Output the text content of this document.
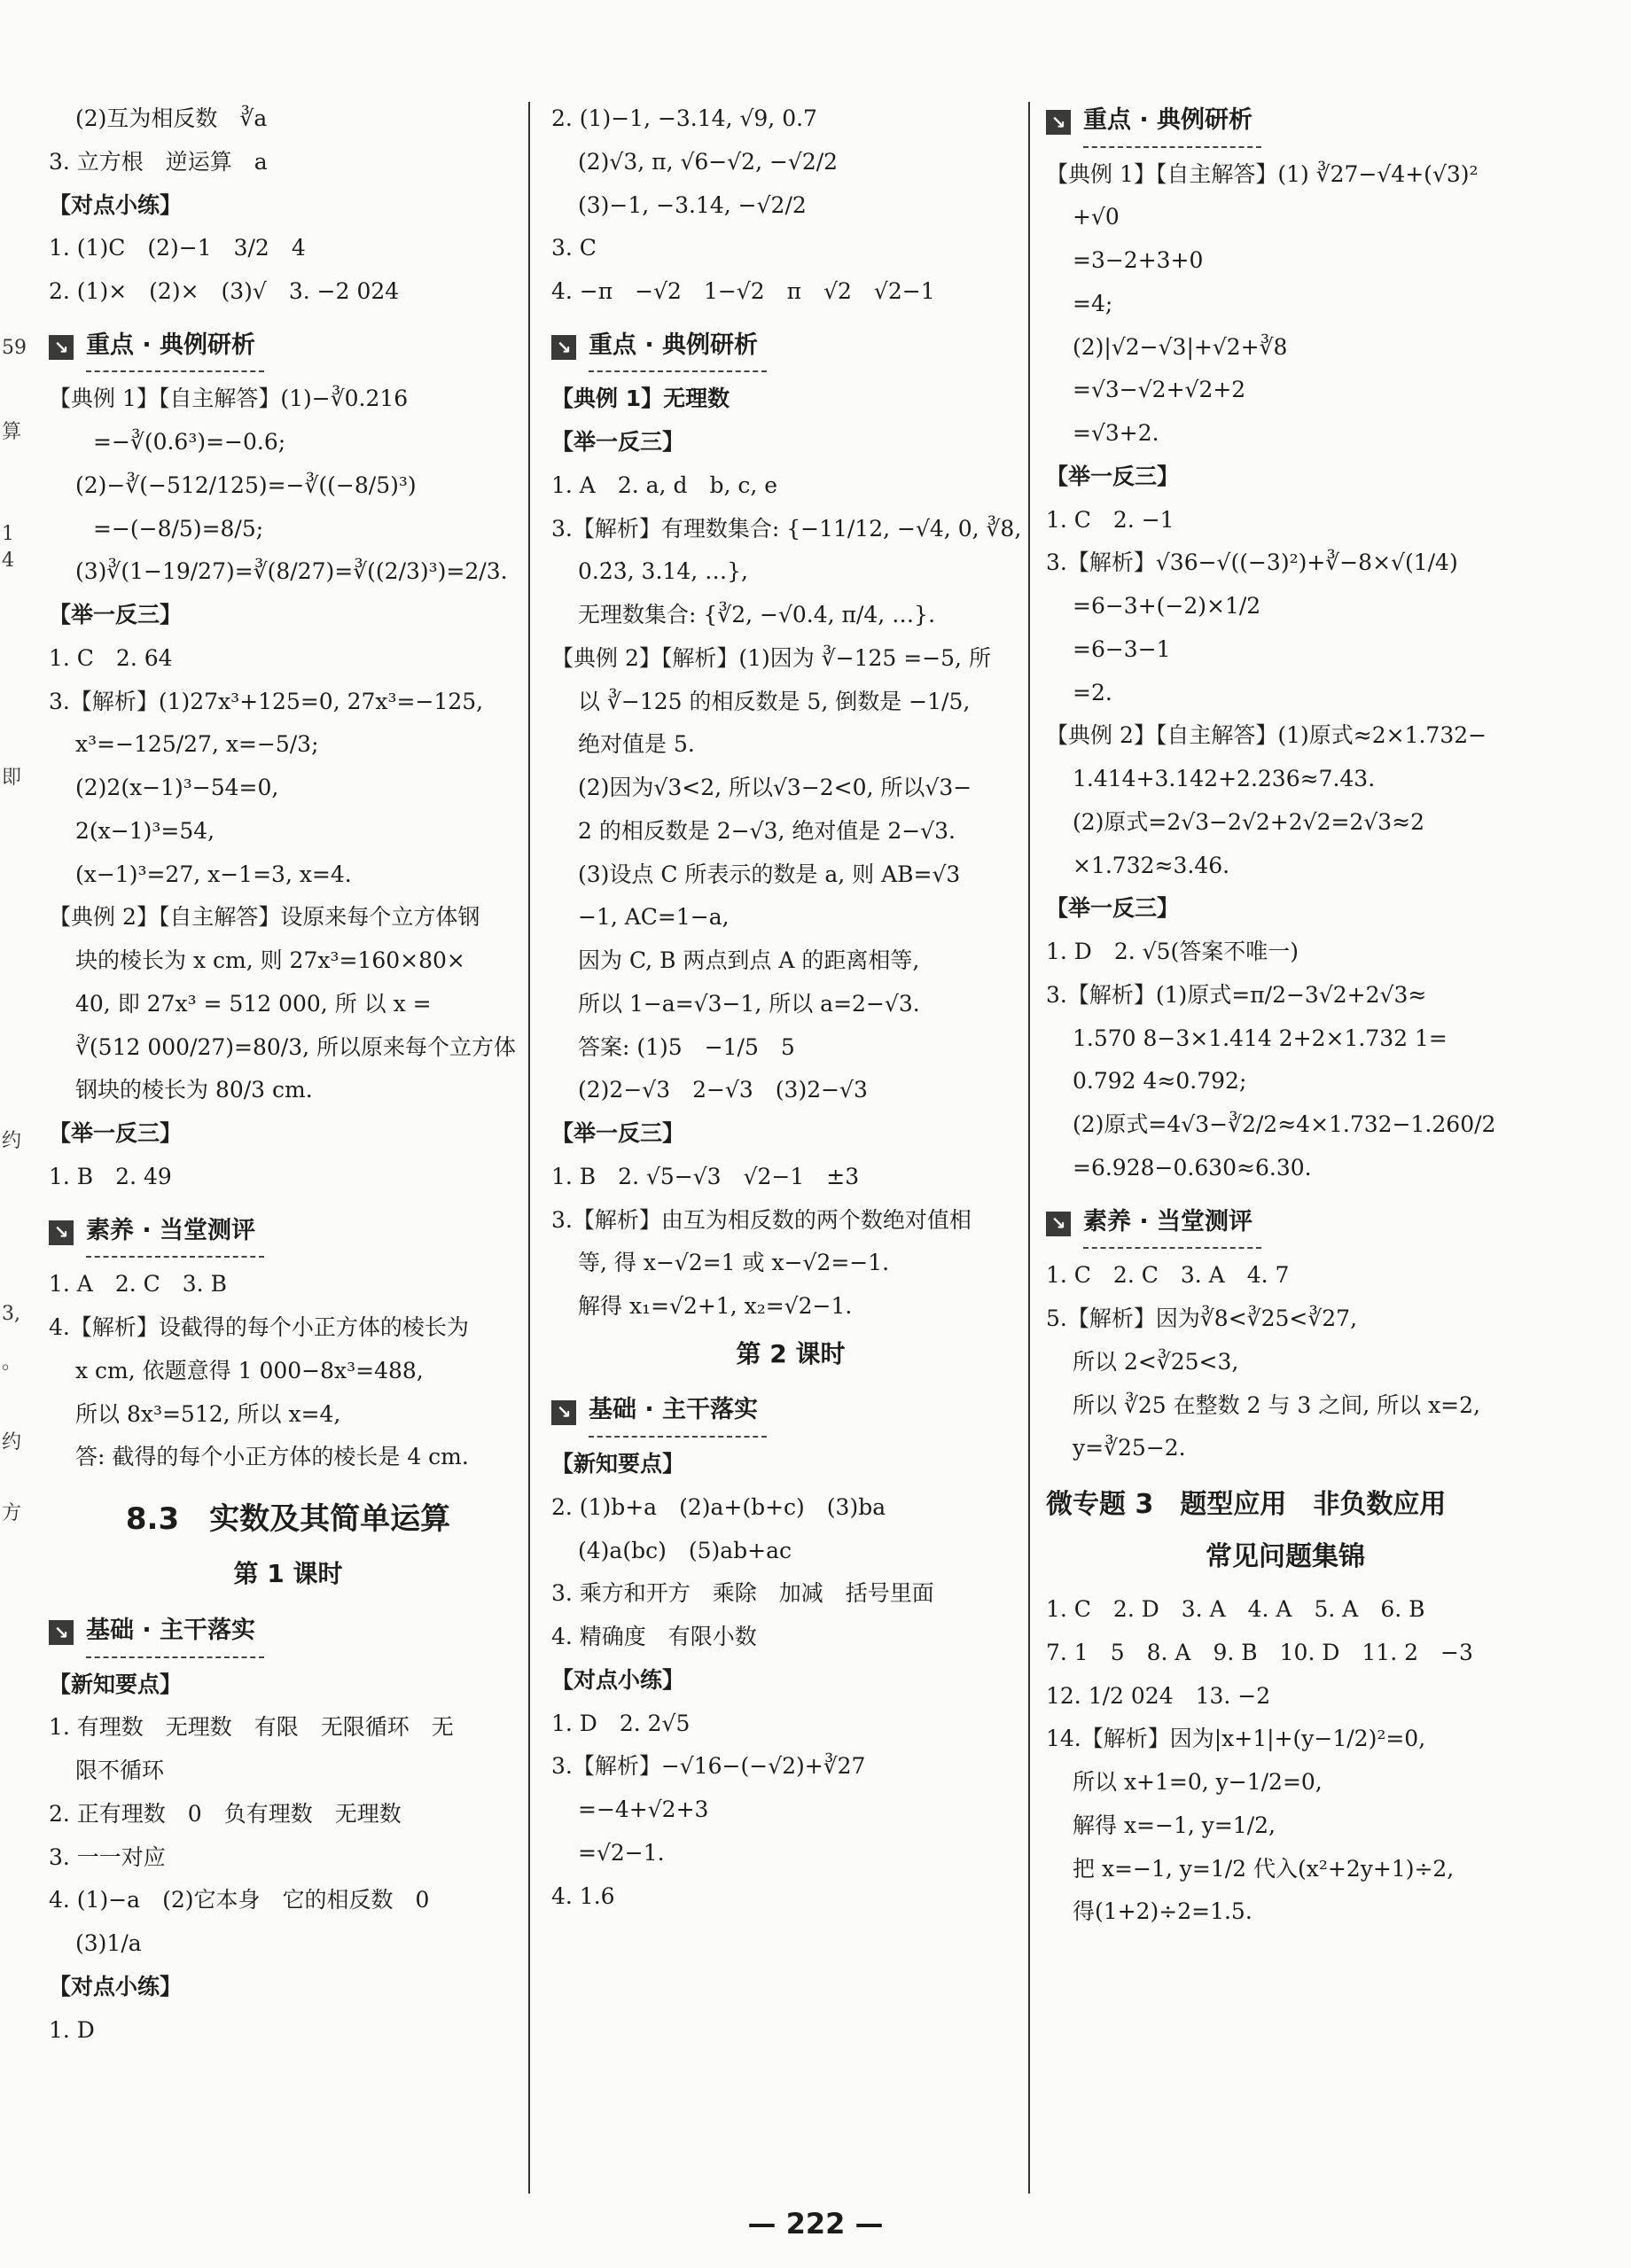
59
算
1
4
即
约
3,
。
约
方
(2)互为相反数　∛a
3. 立方根　逆运算　a
【对点小练】
1. (1)C　(2)−1　3/2　4
2. (1)×　(2)×　(3)√　3. −2 024
↘ 重点 · 典例研析
【典例 1】【自主解答】(1)−∛0.216
=−∛(0.6³)=−0.6;
(2)−∛(−512/125)=−∛((−8/5)³)
=−(−8/5)=8/5;
(3)∛(1−19/27)=∛(8/27)=∛((2/3)³)=2/3.
【举一反三】
1. C　2. 64
3.【解析】(1)27x³+125=0, 27x³=−125,
x³=−125/27, x=−5/3;
(2)2(x−1)³−54=0,
2(x−1)³=54,
(x−1)³=27, x−1=3, x=4.
【典例 2】【自主解答】设原来每个立方体钢
块的棱长为 x cm, 则 27x³=160×80×
40, 即 27x³ = 512 000, 所 以 x =
∛(512 000/27)=80/3, 所以原来每个立方体
钢块的棱长为 80/3 cm.
【举一反三】
1. B　2. 49
↘ 素养 · 当堂测评
1. A　2. C　3. B
4.【解析】设截得的每个小正方体的棱长为
x cm, 依题意得 1 000−8x³=488,
所以 8x³=512, 所以 x=4,
答: 截得的每个小正方体的棱长是 4 cm.
8.3　实数及其简单运算
第 1 课时
↘ 基础 · 主干落实
【新知要点】
1. 有理数　无理数　有限　无限循环　无
限不循环
2. 正有理数　0　负有理数　无理数
3. 一一对应
4. (1)−a　(2)它本身　它的相反数　0
(3)1/a
【对点小练】
1. D
2. (1)−1, −3.14, √9, 0.7
(2)√3, π, √6−√2, −√2/2
(3)−1, −3.14, −√2/2
3. C
4. −π　−√2　1−√2　π　√2　√2−1
↘ 重点 · 典例研析
【典例 1】无理数
【举一反三】
1. A　2. a, d　b, c, e
3.【解析】有理数集合: {−11/12, −√4, 0, ∛8,
0.2̇3̇, 3.14, …},
无理数集合: {∛2, −√0.4, π/4, …}.
【典例 2】【解析】(1)因为 ∛−125 =−5, 所
以 ∛−125 的相反数是 5, 倒数是 −1/5,
绝对值是 5.
(2)因为√3<2, 所以√3−2<0, 所以√3−
2 的相反数是 2−√3, 绝对值是 2−√3.
(3)设点 C 所表示的数是 a, 则 AB=√3
−1, AC=1−a,
因为 C, B 两点到点 A 的距离相等,
所以 1−a=√3−1, 所以 a=2−√3.
答案: (1)5　−1/5　5
(2)2−√3　2−√3　(3)2−√3
【举一反三】
1. B　2. √5−√3　√2−1　±3
3.【解析】由互为相反数的两个数绝对值相
等, 得 x−√2=1 或 x−√2=−1.
解得 x₁=√2+1, x₂=√2−1.
第 2 课时
↘ 基础 · 主干落实
【新知要点】
2. (1)b+a　(2)a+(b+c)　(3)ba
(4)a(bc)　(5)ab+ac
3. 乘方和开方　乘除　加减　括号里面
4. 精确度　有限小数
【对点小练】
1. D　2. 2√5
3.【解析】−√16−(−√2)+∛27
=−4+√2+3
=√2−1.
4. 1.6
↘ 重点 · 典例研析
【典例 1】【自主解答】(1) ∛27−√4+(√3)²
+√0
=3−2+3+0
=4;
(2)|√2−√3|+√2+∛8
=√3−√2+√2+2
=√3+2.
【举一反三】
1. C　2. −1
3.【解析】√36−√((−3)²)+∛−8×√(1/4)
=6−3+(−2)×1/2
=6−3−1
=2.
【典例 2】【自主解答】(1)原式≈2×1.732−
1.414+3.142+2.236≈7.43.
(2)原式=2√3−2√2+2√2=2√3≈2
×1.732≈3.46.
【举一反三】
1. D　2. √5(答案不唯一)
3.【解析】(1)原式=π/2−3√2+2√3≈
1.570 8−3×1.414 2+2×1.732 1=
0.792 4≈0.792;
(2)原式=4√3−∛2/2≈4×1.732−1.260/2
=6.928−0.630≈6.30.
↘ 素养 · 当堂测评
1. C　2. C　3. A　4. 7
5.【解析】因为∛8<∛25<∛27,
所以 2<∛25<3,
所以 ∛25 在整数 2 与 3 之间, 所以 x=2,
y=∛25−2.
微专题 3　题型应用　非负数应用
常见问题集锦
1. C　2. D　3. A　4. A　5. A　6. B
7. 1　5　8. A　9. B　10. D　11. 2　−3
12. 1/2 024　13. −2
14.【解析】因为|x+1|+(y−1/2)²=0,
所以 x+1=0, y−1/2=0,
解得 x=−1, y=1/2,
把 x=−1, y=1/2 代入(x²+2y+1)÷2,
得(1+2)÷2=1.5.
— 222 —
